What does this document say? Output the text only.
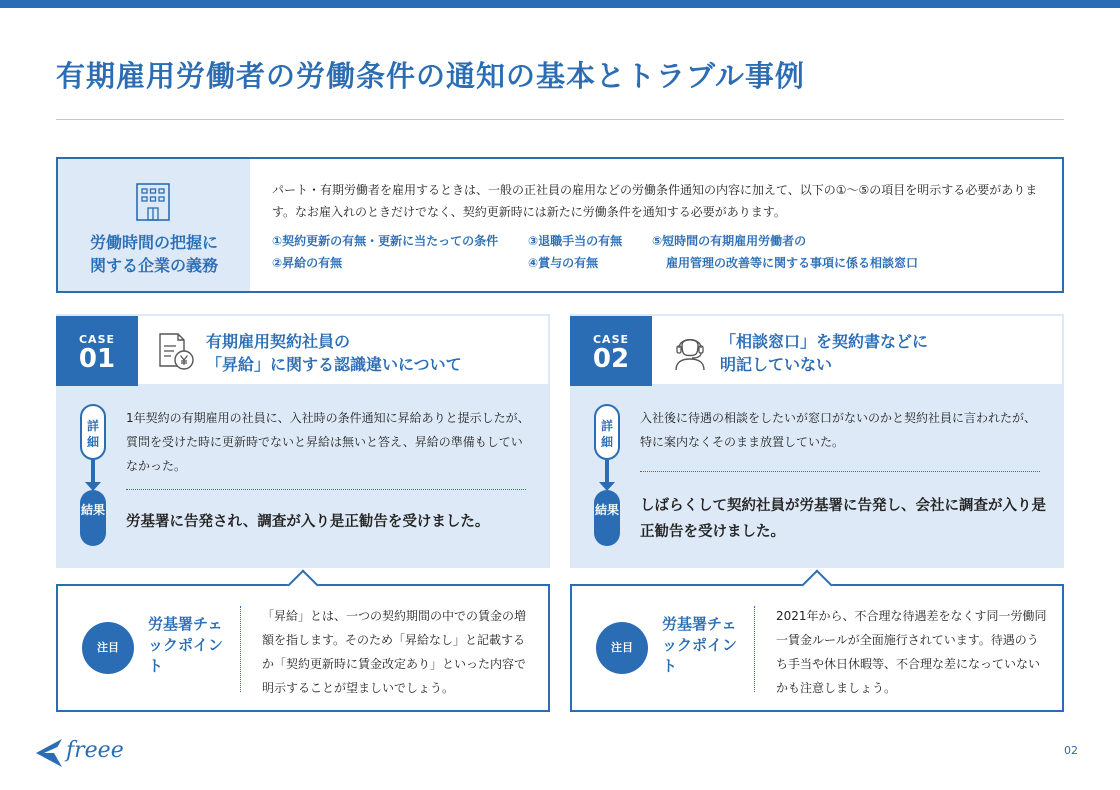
有期雇用労働者の労働条件の通知の基本とトラブル事例
労働時間の把握に
関する企業の義務

パート・有期労働者を雇用するときは、一般の正社員の雇用などの労働条件通知の内容に加えて、以下の①〜⑤の項目を明示する必要があります。なお雇入れのときだけでなく、契約更新時には新たに労働条件を通知する必要があります。

①契約更新の有無・更新に当たっての条件
②昇給の有無
③退職手当の有無
④賞与の有無
⑤短時間の有期雇用労働者の
雇用管理の改善等に関する事項に係る相談窓口
CASE
01
有期雇用契約社員の
「昇給」に関する認識違いについて
詳細
結果

1年契約の有期雇用の社員に、入社時の条件通知に昇給ありと提示したが、質問を受けた時に更新時でないと昇給は無いと答え、昇給の準備もしていなかった。

労基署に告発され、調査が入り是正勧告を受けました。

注目
労基署チェックポイント

「昇給」とは、一つの契約期間の中での賃金の増額を指します。そのため「昇給なし」と記載するか「契約更新時に賃金改定あり」といった内容で明示することが望ましいでしょう。

CASE
02
「相談窓口」を契約書などに
明記していない
詳細
結果

入社後に待遇の相談をしたいが窓口がないのかと契約社員に言われたが、特に案内なくそのまま放置していた。

しばらくして契約社員が労基署に告発し、会社に調査が入り是正勧告を受けました。

注目
労基署チェックポイント

2021年から、不合理な待遇差をなくす同一労働同一賃金ルールが全面施行されています。待遇のうち手当や休日休暇等、不合理な差になっていないかも注意しましょう。

freee	02
